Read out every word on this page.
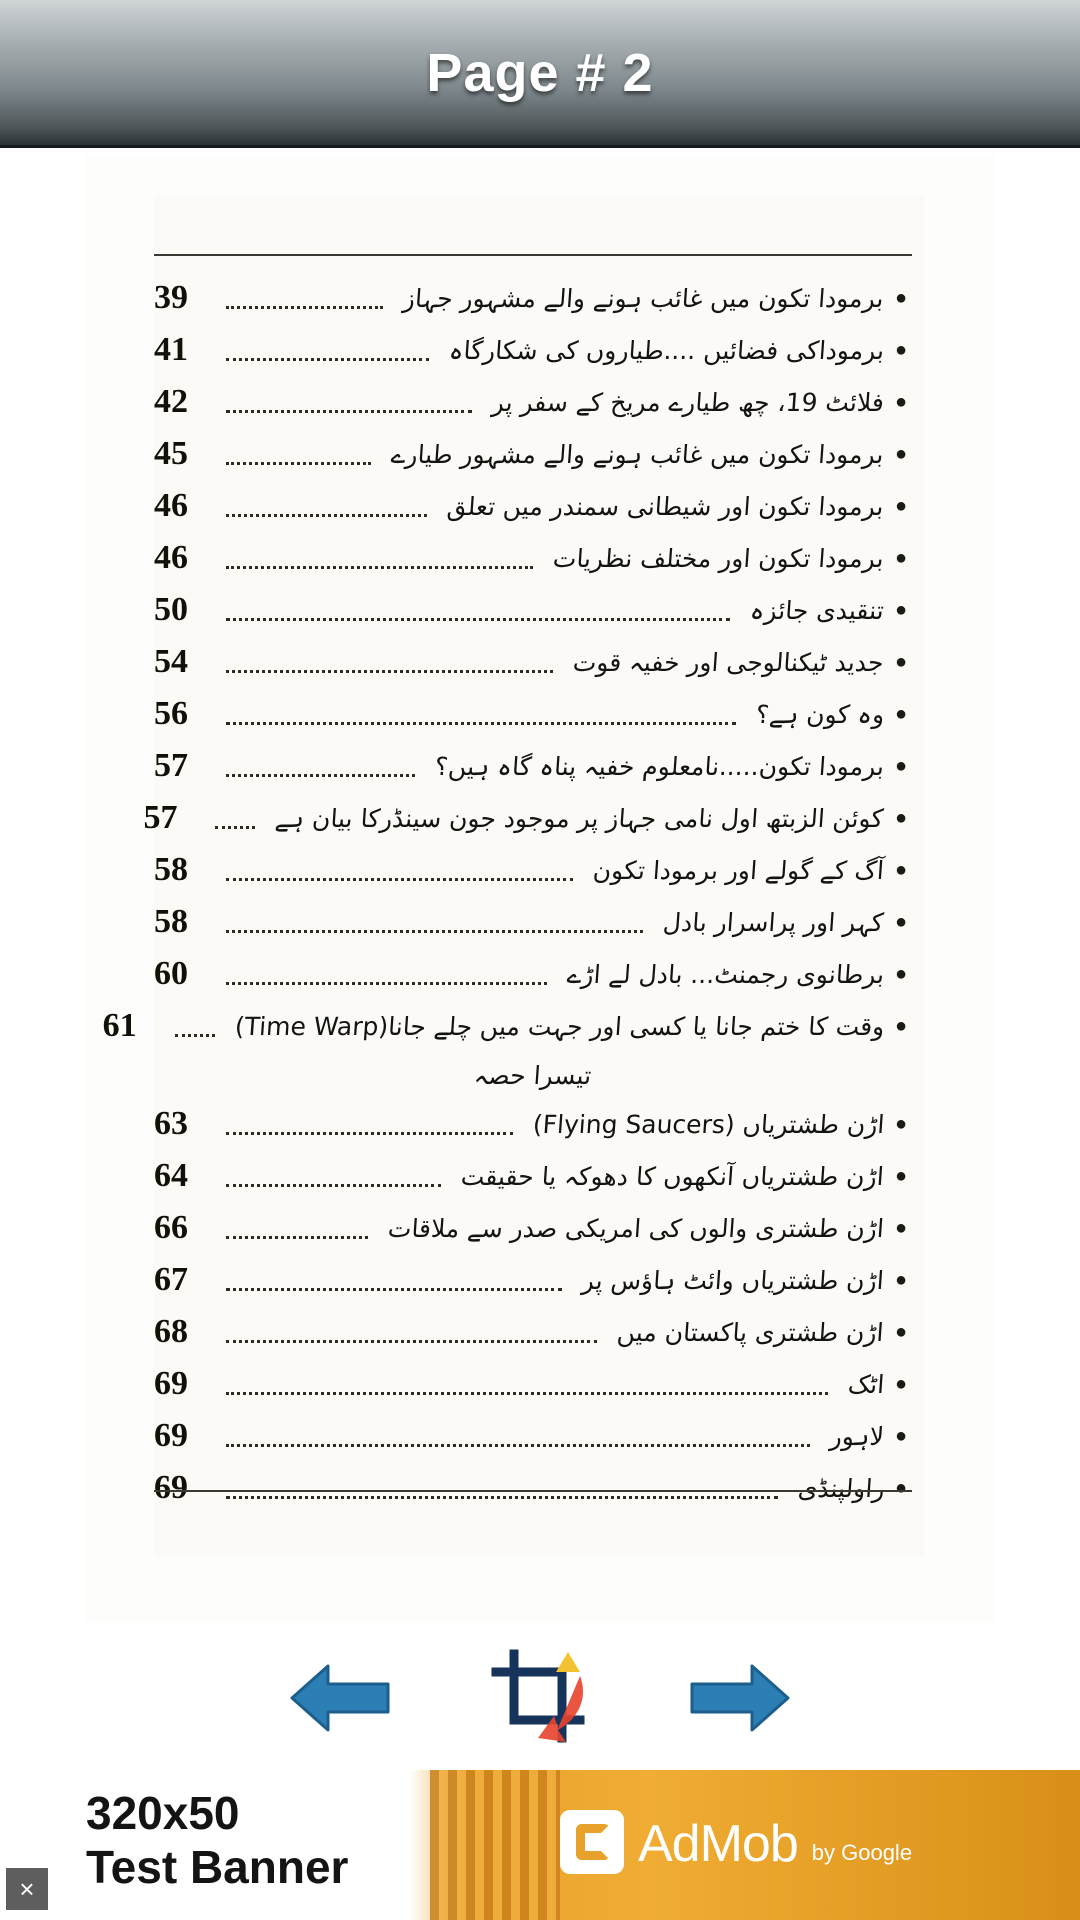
Page # 2
●
برمودا تکون میں غائب ہونے والے مشہور جہاز
39
●
برموداکی فضائیں ....طیاروں کی شکارگاہ
41
●
فلائٹ 19، چھ طیارے مریخ کے سفر پر
42
●
برمودا تکون میں غائب ہونے والے مشہور طیارے
45
●
برمودا تکون اور شیطانی سمندر میں تعلق
46
●
برمودا تکون اور مختلف نظریات
46
●
تنقیدی جائزہ
50
●
جدید ٹیکنالوجی اور خفیہ قوت
54
●
وہ کون ہے؟
56
●
برمودا تکون.....نامعلوم خفیہ پناہ گاہ ہیں؟
57
●
کوئن الزبتھ اول نامی جہاز پر موجود جون سینڈرکا بیان ہے
57
●
آگ کے گولے اور برمودا تکون
58
●
کہر اور پراسرار بادل
58
●
برطانوی رجمنٹ... بادل لے اڑے
60
●
وقت کا ختم جانا یا کسی اور جہت میں چلے جانا(Time Warp)
61
تیسرا حصہ
●
اڑن طشتریاں (Flying Saucers)
63
●
اڑن طشتریاں آنکھوں کا دھوکہ یا حقیقت
64
●
اڑن طشتری والوں کی امریکی صدر سے ملاقات
66
●
اڑن طشتریاں وائٹ ہاؤس پر
67
●
اڑن طشتری پاکستان میں
68
●
اٹک
69
●
لاہور
69
●
راولپنڈی
69
320x50
Test Banner	AdMob by Google
×
